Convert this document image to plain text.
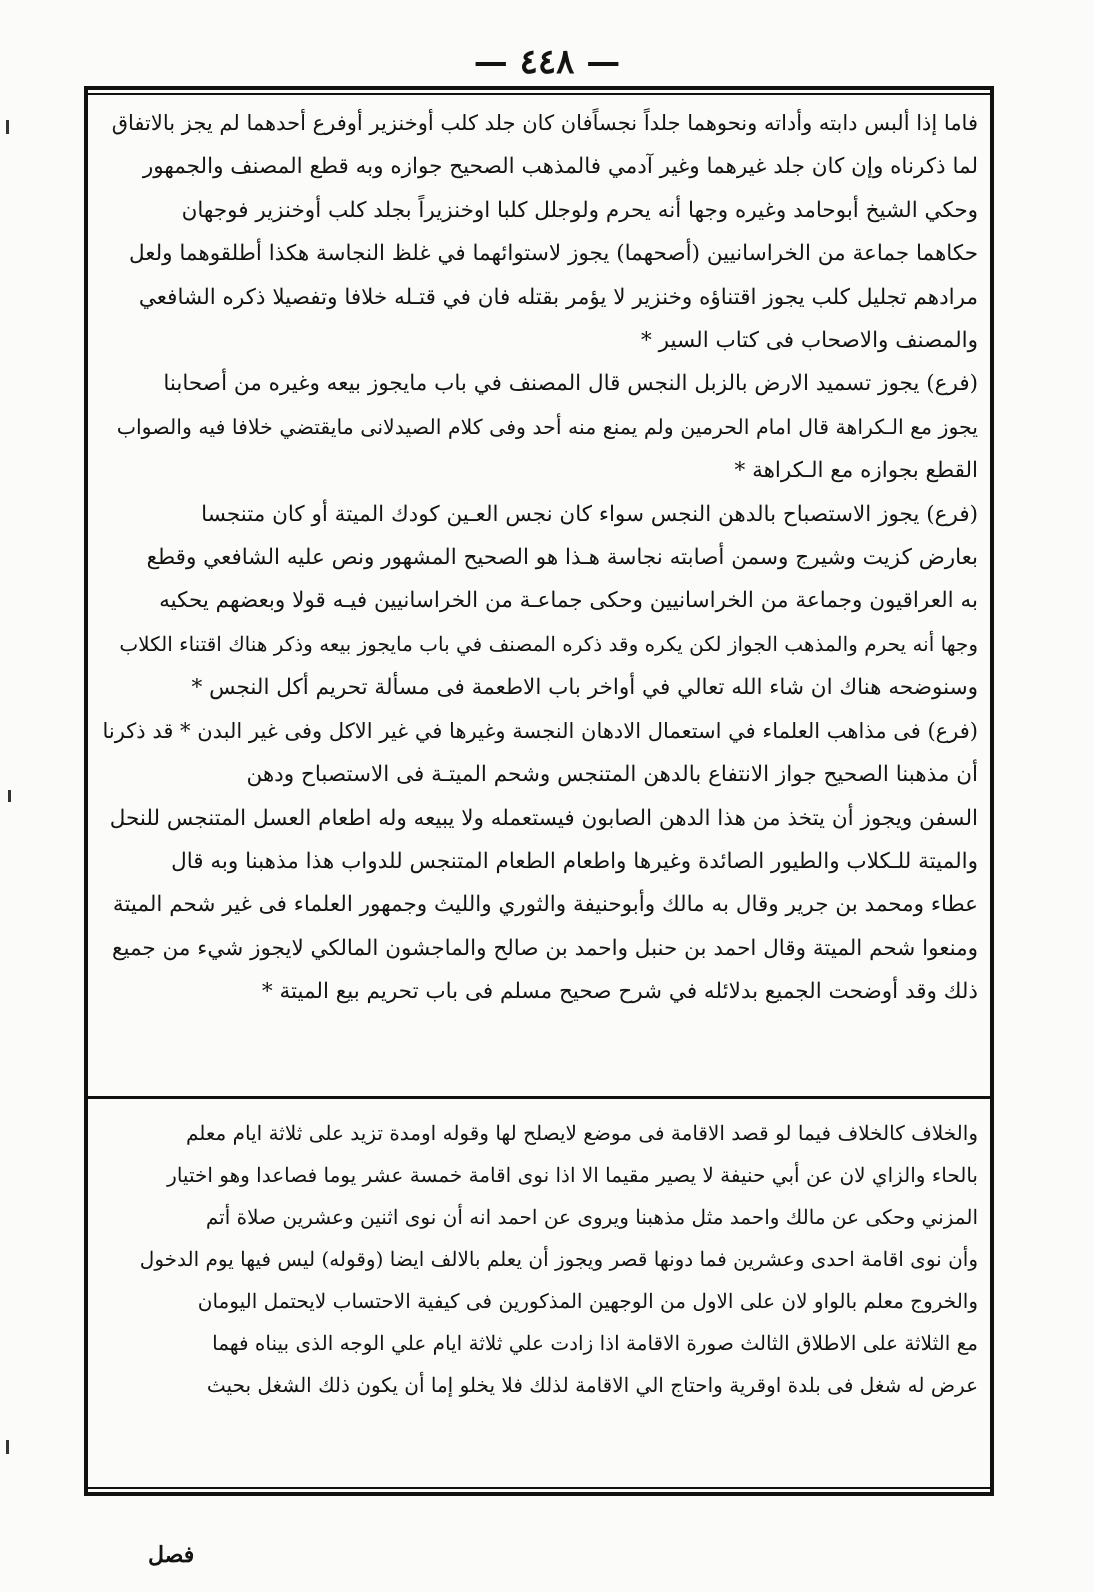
— ٤٤٨ —
فاما إذا ألبس دابته وأداته ونحوهما جلداً نجساًفان كان جلد كلب أوخنزير أوفرع أحدهما لم يجز بالاتفاق
لما ذكرناه وإن كان جلد غيرهما وغير آدمي فالمذهب الصحيح جوازه وبه قطع المصنف والجمهور
وحكي الشيخ أبوحامد وغيره وجها أنه يحرم ولوجلل كلبا اوخنزيراً بجلد كلب أوخنزير فوجهان
حكاهما جماعة من الخراسانيين (أصحهما) يجوز لاستوائهما في غلظ النجاسة هكذا أطلقوهما ولعل
مرادهم تجليل كلب يجوز اقتناؤه وخنزير لا يؤمر بقتله فان في قتـله خلافا وتفصيلا ذكره الشافعي
والمصنف والاصحاب فى كتاب السير *
(فرع) يجوز تسميد الارض بالزبل النجس قال المصنف في باب مايجوز بيعه وغيره من أصحابنا
يجوز مع الـكراهة قال امام الحرمين ولم يمنع منه أحد وفى كلام الصيدلانى مايقتضي خلافا فيه والصواب
القطع بجوازه مع الـكراهة *
(فرع) يجوز الاستصباح بالدهن النجس سواء كان نجس العـين كودك الميتة أو كان متنجسا
بعارض كزيت وشيرج وسمن أصابته نجاسة هـذا هو الصحيح المشهور ونص عليه الشافعي وقطع
به العراقيون وجماعة من الخراسانيين وحكى جماعـة من الخراسانيين فيـه قولا وبعضهم يحكيه
وجها أنه يحرم والمذهب الجواز لكن يكره وقد ذكره المصنف في باب مايجوز بيعه وذكر هناك اقتناء الكلاب
وسنوضحه هناك ان شاء الله تعالي في أواخر باب الاطعمة فى مسألة تحريم أكل النجس *
(فرع) فى مذاهب العلماء في استعمال الادهان النجسة وغيرها في غير الاكل وفى غير البدن * قد ذكرنا
أن مذهبنا الصحيح جواز الانتفاع بالدهن المتنجس وشحم الميتـة فى الاستصباح ودهن
السفن ويجوز أن يتخذ من هذا الدهن الصابون فيستعمله ولا يبيعه وله اطعام العسل المتنجس للنحل
والميتة للـكلاب والطيور الصائدة وغيرها واطعام الطعام المتنجس للدواب هذا مذهبنا وبه قال
عطاء ومحمد بن جرير وقال به مالك وأبوحنيفة والثوري والليث وجمهور العلماء فى غير شحم الميتة
ومنعوا شحم الميتة وقال احمد بن حنبل واحمد بن صالح والماجشون المالكي لايجوز شيء من جميع
ذلك وقد أوضحت الجميع بدلائله في شرح صحيح مسلم فى باب تحريم بيع الميتة *
والخلاف كالخلاف فيما لو قصد الاقامة فى موضع لايصلح لها وقوله اومدة تزيد على ثلاثة ايام معلم
بالحاء والزاي لان عن أبي حنيفة لا يصير مقيما الا اذا نوى اقامة خمسة عشر يوما فصاعدا وهو اختيار
المزني وحكى عن مالك واحمد مثل مذهبنا ويروى عن احمد انه أن نوى اثنين وعشرين صلاة أتم
وأن نوى اقامة احدى وعشرين فما دونها قصر ويجوز أن يعلم بالالف ايضا (وقوله) ليس فيها يوم الدخول
والخروج معلم بالواو لان على الاول من الوجهين المذكورين فى كيفية الاحتساب لايحتمل اليومان
مع الثلاثة على الاطلاق الثالث صورة الاقامة اذا زادت علي ثلاثة ايام علي الوجه الذى بيناه فهما
عرض له شغل فى بلدة اوقرية واحتاج الي الاقامة لذلك فلا يخلو إما أن يكون ذلك الشغل بحيث
فصل
